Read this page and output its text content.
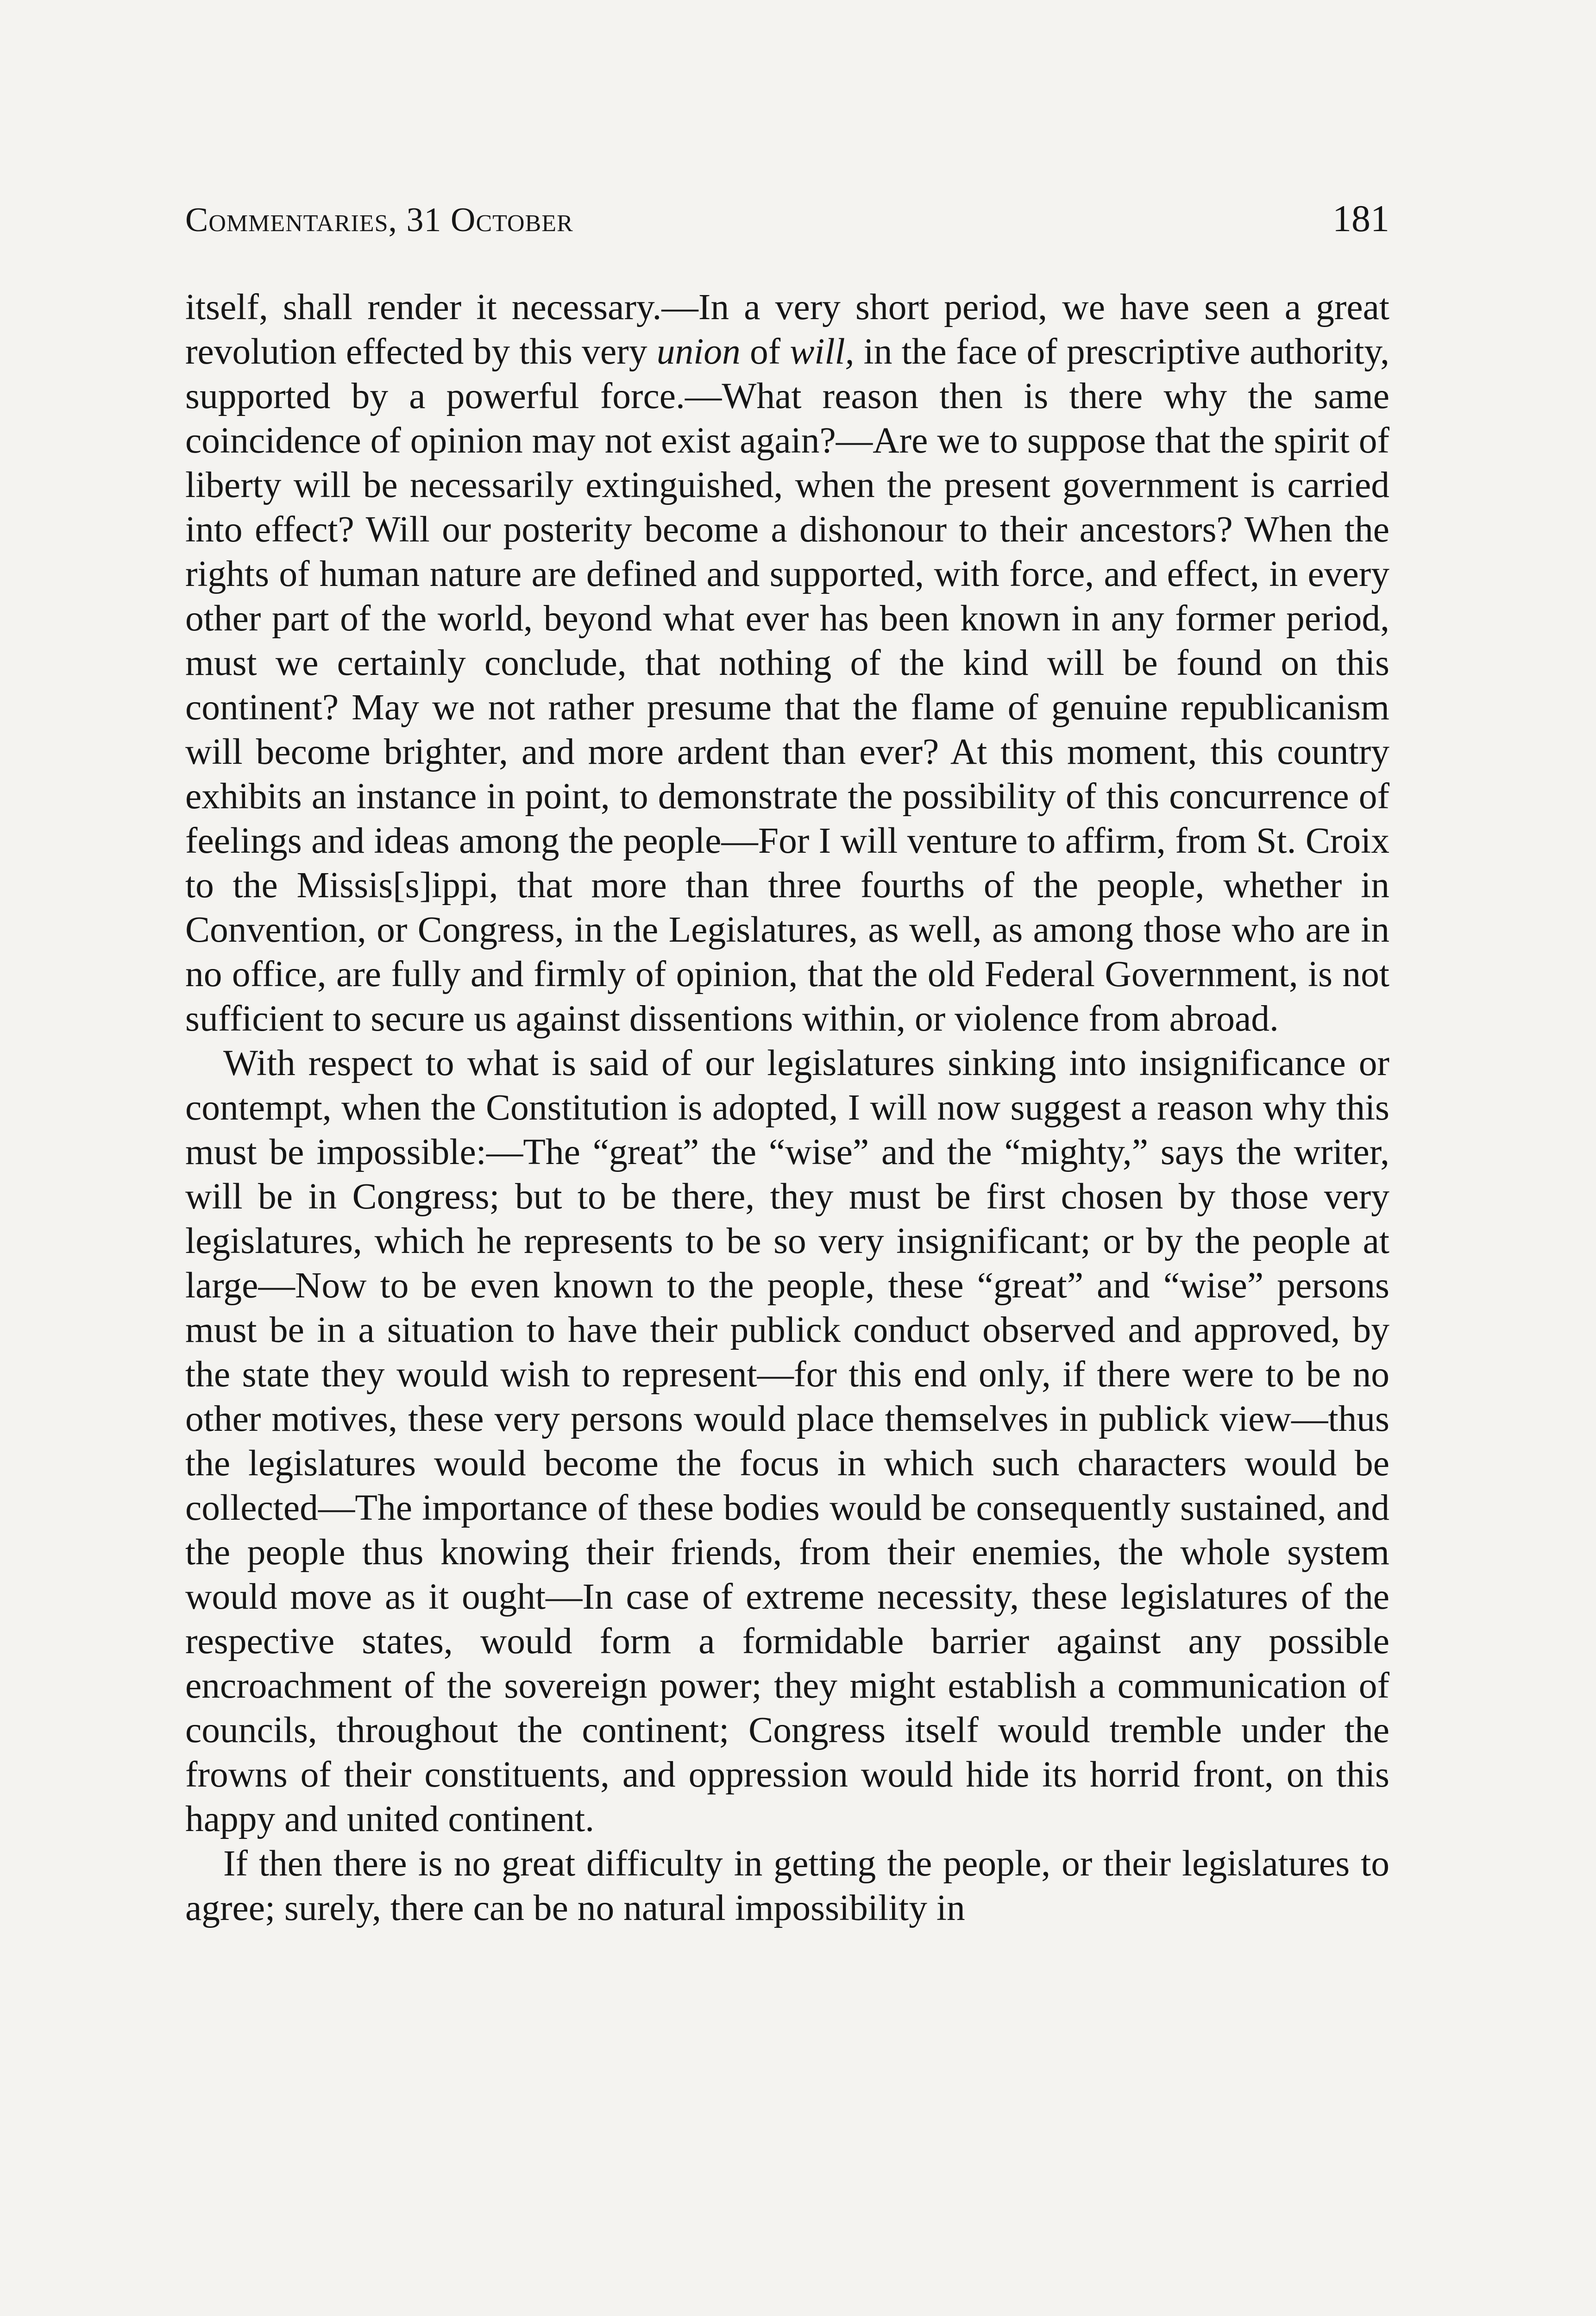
Commentaries, 31 October	181

itself, shall render it necessary.—In a very short period, we have seen a great revolution effected by this very union of will, in the face of prescriptive authority, supported by a powerful force.—What reason then is there why the same coincidence of opinion may not exist again?—Are we to suppose that the spirit of liberty will be necessarily extinguished, when the present government is carried into effect? Will our posterity become a dishonour to their ancestors? When the rights of human nature are defined and supported, with force, and effect, in every other part of the world, beyond what ever has been known in any former period, must we certainly conclude, that nothing of the kind will be found on this continent? May we not rather presume that the flame of genuine republicanism will become brighter, and more ardent than ever? At this moment, this country exhibits an instance in point, to demonstrate the possibility of this concurrence of feelings and ideas among the people—For I will venture to affirm, from St. Croix to the Missis[s]ippi, that more than three fourths of the people, whether in Convention, or Congress, in the Legislatures, as well, as among those who are in no office, are fully and firmly of opinion, that the old Federal Government, is not sufficient to secure us against dissentions within, or violence from abroad.

With respect to what is said of our legislatures sinking into insignificance or contempt, when the Constitution is adopted, I will now suggest a reason why this must be impossible:—The “great” the “wise” and the “mighty,” says the writer, will be in Congress; but to be there, they must be first chosen by those very legislatures, which he represents to be so very insignificant; or by the people at large—Now to be even known to the people, these “great” and “wise” persons must be in a situation to have their publick conduct observed and approved, by the state they would wish to represent—for this end only, if there were to be no other motives, these very persons would place themselves in publick view—thus the legislatures would become the focus in which such characters would be collected—The importance of these bodies would be consequently sustained, and the people thus knowing their friends, from their enemies, the whole system would move as it ought—In case of extreme necessity, these legislatures of the respective states, would form a formidable barrier against any possible encroachment of the sovereign power; they might establish a communication of councils, throughout the continent; Congress itself would tremble under the frowns of their constituents, and oppression would hide its horrid front, on this happy and united continent.

If then there is no great difficulty in getting the people, or their legislatures to agree; surely, there can be no natural impossibility in
